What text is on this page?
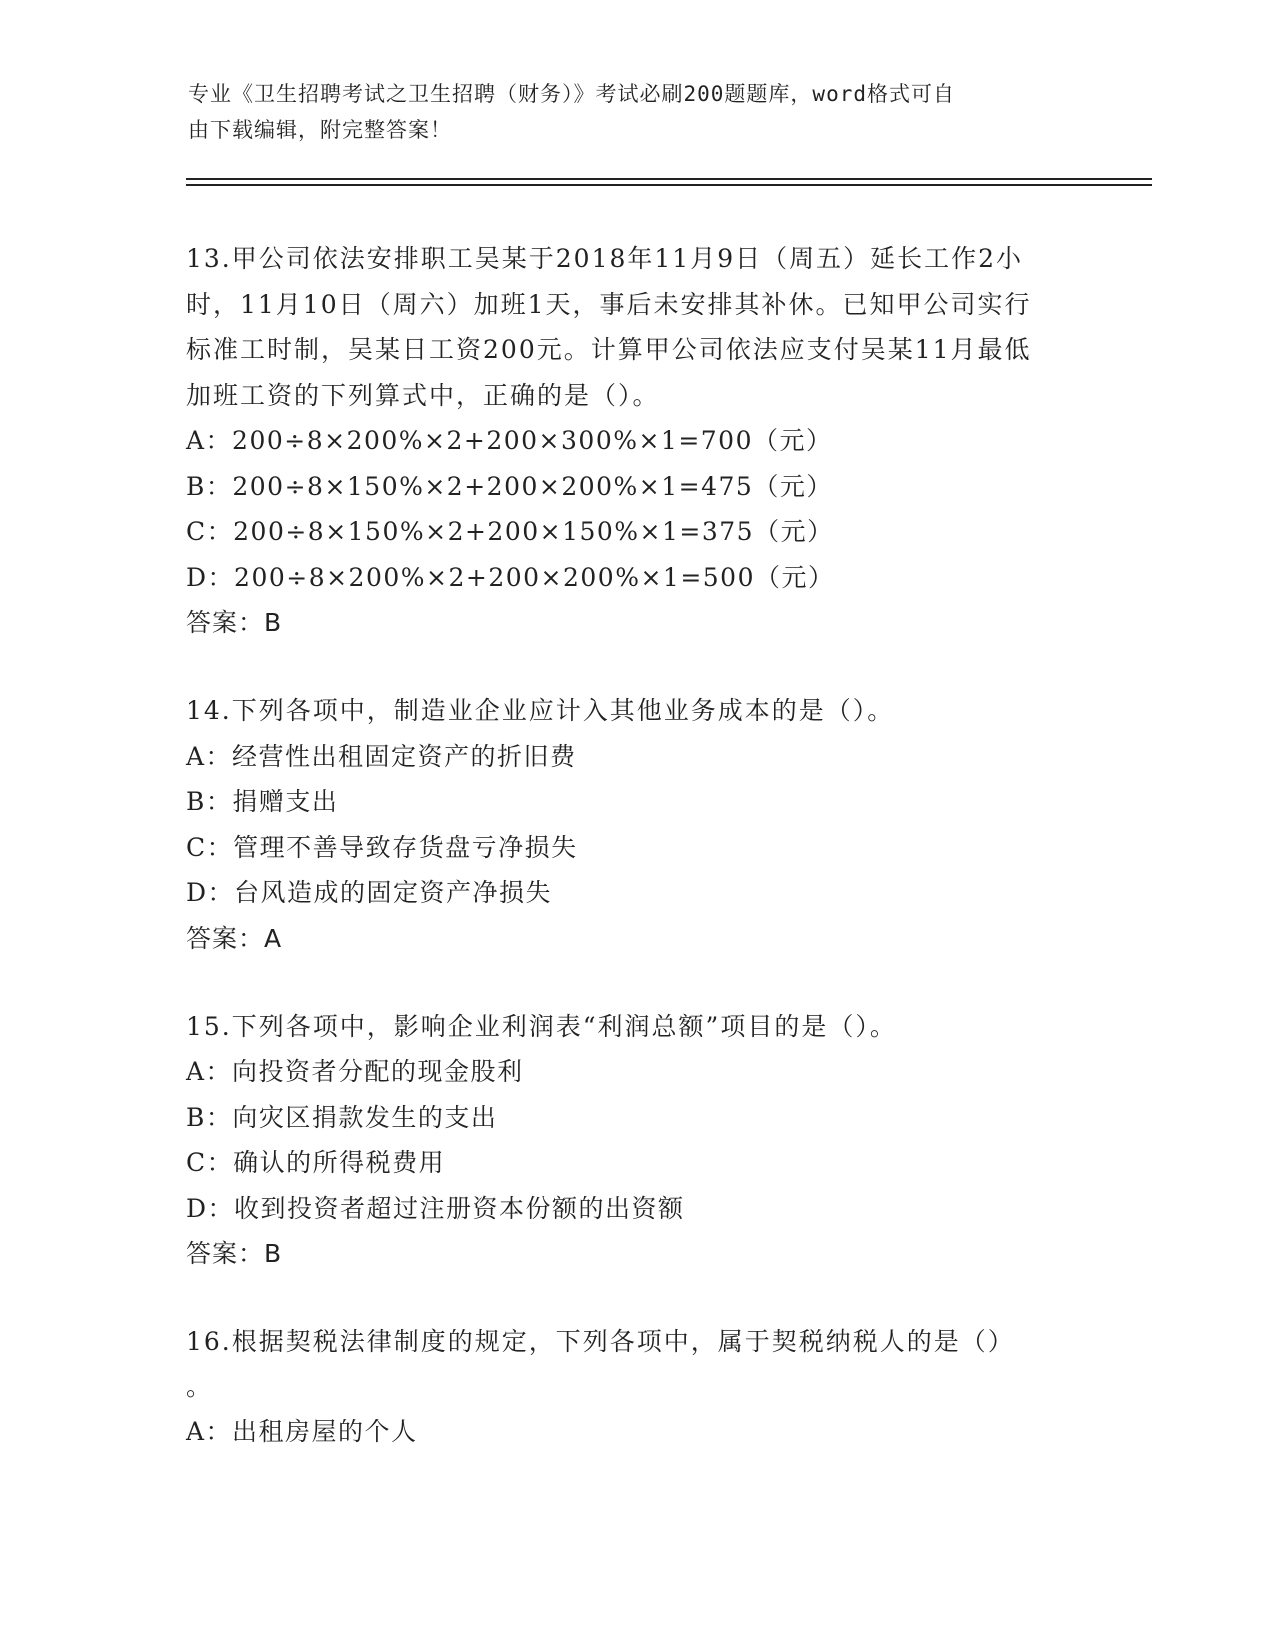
专业《卫生招聘考试之卫生招聘（财务）》考试必刷200题题库，word格式可自
由下载编辑，附完整答案！

13.甲公司依法安排职工吴某于2018年11月9日（周五）延长工作2小时，11月10日（周六）加班1天，事后未安排其补休。已知甲公司实行标准工时制，吴某日工资200元。计算甲公司依法应支付吴某11月最低加班工资的下列算式中，正确的是（）。

A：200÷8×200%×2+200×300%×1=700（元）

B：200÷8×150%×2+200×200%×1=475（元）

C：200÷8×150%×2+200×150%×1=375（元）

D：200÷8×200%×2+200×200%×1=500（元）

答案：B

14.下列各项中，制造业企业应计入其他业务成本的是（）。

A：经营性出租固定资产的折旧费

B：捐赠支出

C：管理不善导致存货盘亏净损失

D：台风造成的固定资产净损失

答案：A

15.下列各项中，影响企业利润表“利润总额”项目的是（）。

A：向投资者分配的现金股利

B：向灾区捐款发生的支出

C：确认的所得税费用

D：收到投资者超过注册资本份额的出资额

答案：B

16.根据契税法律制度的规定，下列各项中，属于契税纳税人的是（）

。

A：出租房屋的个人
